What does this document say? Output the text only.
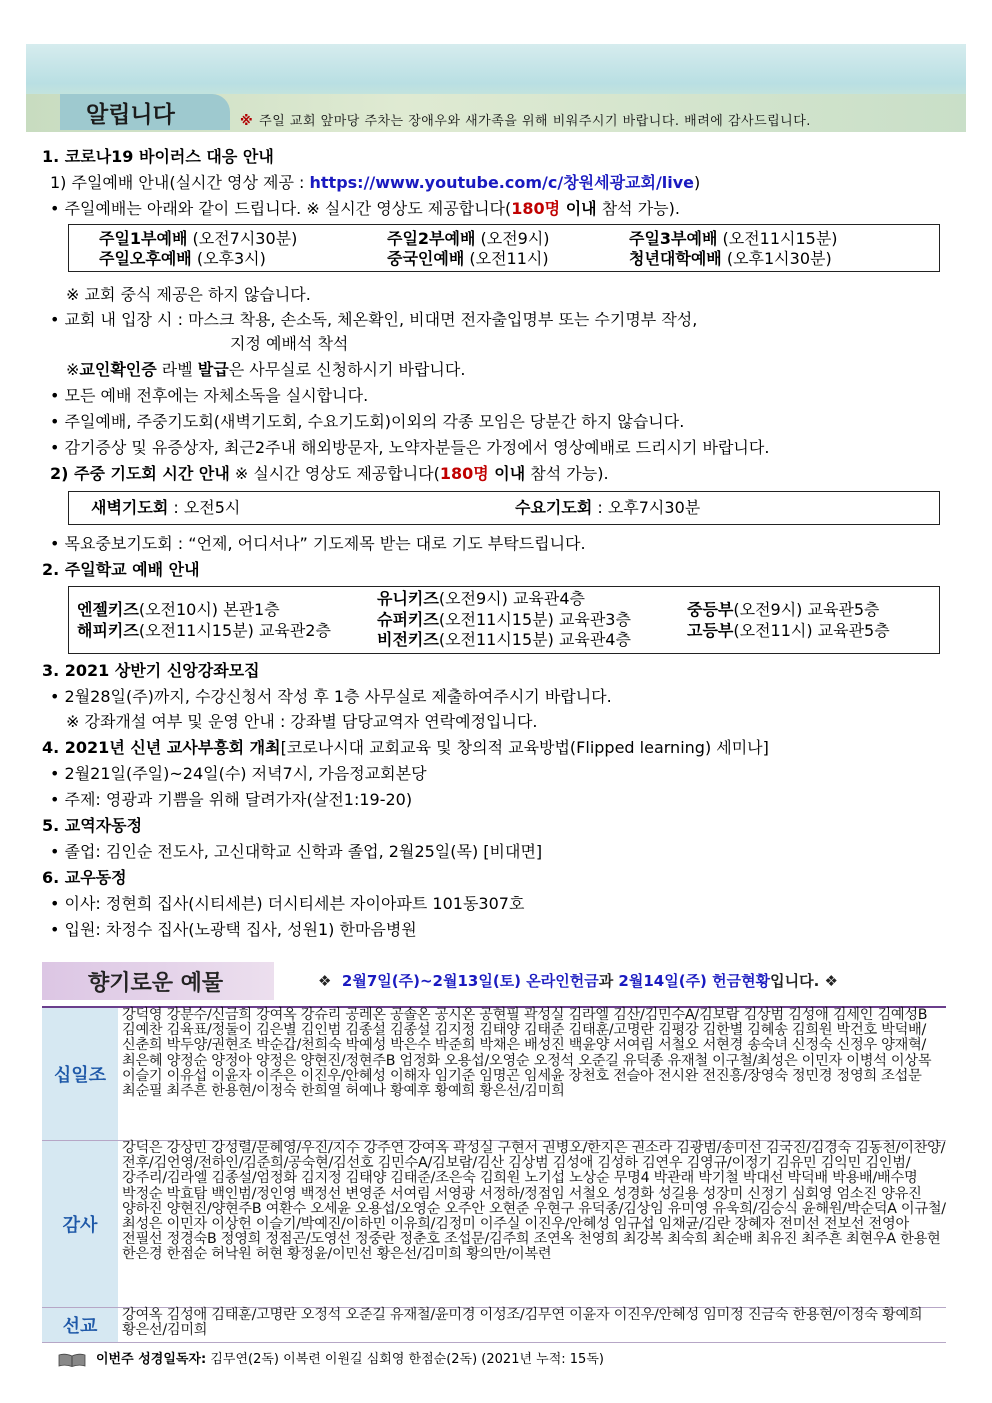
알립니다	※ 주일 교회 앞마당 주차는 장애우와 새가족을 위해 비워주시기 바랍니다. 배려에 감사드립니다.
1. 코로나19 바이러스 대응 안내
1) 주일예배 안내(실시간 영상 제공 : https://www.youtube.com/c/창원세광교회/live)
• 주일예배는 아래와 같이 드립니다. ※ 실시간 영상도 제공합니다(180명 이내 참석 가능).
주일1부예배 (오전7시30분)	주일2부예배 (오전9시)	주일3부예배 (오전11시15분)
주일오후예배 (오후3시)	중국인예배 (오전11시)	청년대학예배 (오후1시30분)
※ 교회 중식 제공은 하지 않습니다.
• 교회 내 입장 시 : 마스크 착용, 손소독, 체온확인, 비대면 전자출입명부 또는 수기명부 작성,
지정 예배석 착석
※교인확인증 라벨 발급은 사무실로 신청하시기 바랍니다.
• 모든 예배 전후에는 자체소독을 실시합니다.
• 주일예배, 주중기도회(새벽기도회, 수요기도회)이외의 각종 모임은 당분간 하지 않습니다.
• 감기증상 및 유증상자, 최근2주내 해외방문자, 노약자분들은 가정에서 영상예배로 드리시기 바랍니다.
2) 주중 기도회 시간 안내 ※ 실시간 영상도 제공합니다(180명 이내 참석 가능).
새벽기도회 : 오전5시	수요기도회 : 오후7시30분
• 목요중보기도회 : “언제, 어디서나” 기도제목 받는 대로 기도 부탁드립니다.
2. 주일학교 예배 안내
엔젤키즈(오전10시) 본관1층
해피키즈(오전11시15분) 교육관2층
유니키즈(오전9시) 교육관4층
슈퍼키즈(오전11시15분) 교육관3층
비전키즈(오전11시15분) 교육관4층
중등부(오전9시) 교육관5층
고등부(오전11시) 교육관5층
3. 2021 상반기 신앙강좌모집
• 2월28일(주)까지, 수강신청서 작성 후 1층 사무실로 제출하여주시기 바랍니다.
※ 강좌개설 여부 및 운영 안내 : 강좌별 담당교역자 연락예정입니다.
4. 2021년 신년 교사부흥회 개최[코로나시대 교회교육 및 창의적 교육방법(Flipped learning) 세미나]
• 2월21일(주일)~24일(수) 저녁7시, 가음정교회본당
• 주제: 영광과 기쁨을 위해 달려가자(살전1:19-20)
5. 교역자동정
• 졸업: 김인순 전도사, 고신대학교 신학과 졸업, 2월25일(목) [비대면]
6. 교우동정
• 이사: 정현희 집사(시티세븐) 더시티세븐 자이아파트 101동307호
• 입원: 차정수 집사(노광택 집사, 성원1) 한마음병원
향기로운 예물	❖ 2월7일(주)~2월13일(토) 온라인헌금과 2월14일(주) 헌금현황입니다. ❖
십일조
강덕영 강분수/신금희 강여옥 강슈리 공레온 공솔온 공시온 공현필 곽성실 김라엘 김산/김민수A/김보람 김상범 김성애 김세인 김예성B 김예찬 김육표/정둘이 김은별 김인범 김종설 김종설 김지정 김태양 김태준 김태훈/고명란 김평강 김한별 김혜송 김희원 박건호 박덕배/신춘희 박두양/권현조 박순갑/천희숙 박예성 박은수 박준희 박채은 배성진 백윤양 서여림 서철오 서현경 송숙녀 신정숙 신정우 양재혁/최은혜 양정순 양정아 양정은 양현진/정현주B 엄정화 오용섭/오영순 오정석 오준길 유덕종 유재철 이구철/최성은 이민자 이병석 이상목 이슬기 이유섭 이윤자 이주은 이진우/안혜성 이해자 임기준 임명곤 임세윤 장천호 전슬아 전시완 전진흥/장영숙 정민경 정영희 조섭문 최순필 최주흔 한용현/이정숙 한희열 허예나 황예후 황예희 황은선/김미희
감사
강덕은 강상민 강성렬/문혜영/우진/지수 강주연 강여옥 곽성실 구현서 권병오/한지은 권소라 김광범/송미선 김국진/김경숙 김동천/이찬양/전후/김언영/전하인/김준희/공숙현/김선호 김민수A/김보람/김산 김상범 김성애 김성하 김연우 김영규/이정기 김유민 김익민 김인범/강주리/김라엘 김종설/엄정화 김지정 김태양 김태준/조은숙 김희원 노기섭 노상순 무명4 박관래 박기철 박대선 박덕배 박용배/배수명 박정순 박효탐 백인범/정인영 백정선 변영준 서여림 서영광 서정하/정점임 서철오 성경화 성길용 성장미 신정기 심회영 엄소진 양유진 양하진 양현진/양현주B 여환수 오세윤 오용섭/오영순 오주안 오현준 우현구 유덕종/김상임 유미영 유욱희/김승식 윤해원/박순덕A 이규철/최성은 이민자 이상헌 이슬기/박예진/이하민 이유희/김정미 이주실 이진우/안혜성 임규섭 임채균/김란 장혜자 전미선 전보선 전영아 전필선 정경숙B 정영희 정점곤/도영선 정중란 정춘호 조섭문/김주희 조연옥 천영희 최강복 최숙희 최순배 최유진 최주흔 최현우A 한용현 한은경 한점순 허낙원 허현 황정윤/이민선 황은선/김미희 황의만/이복련
선교
강여옥 김성애 김태훈/고명란 오정석 오준길 유재철/윤미경 이성조/김무연 이윤자 이진우/안혜성 임미정 진금숙 한용현/이정숙 황예희 황은선/김미희
이번주 성경일독자: 김무연(2독) 이복련 이원길 심회영 한점순(2독) (2021년 누적: 15독)
